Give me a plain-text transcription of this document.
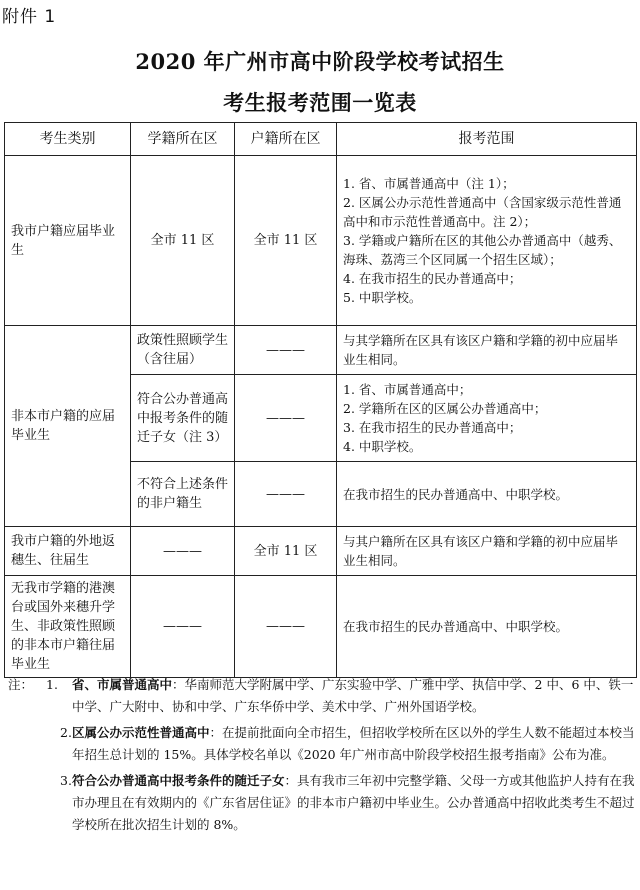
附件 1
2020 年广州市高中阶段学校考试招生
考生报考范围一览表
考生类别	学籍所在区	户籍所在区	报考范围
我市户籍应届毕业生	全市 11 区	全市 11 区	1. 省、市属普通高中（注 1）；
2. 区属公办示范性普通高中（含国家级示范性普通高中和市示范性普通高中。注 2）；
3. 学籍或户籍所在区的其他公办普通高中（越秀、海珠、荔湾三个区同属一个招生区域）；
4. 在我市招生的民办普通高中；
5. 中职学校。

非本市户籍的应届毕业生	政策性照顾学生（含往届）	———	与其学籍所在区具有该区户籍和学籍的初中应届毕业生相同。

	符合公办普通高中报考条件的随迁子女（注 3）	———	1. 省、市属普通高中；
2. 学籍所在区的区属公办普通高中；
3. 在我市招生的民办普通高中；
4. 中职学校。

	不符合上述条件的非户籍生	———	在我市招生的民办普通高中、中职学校。

我市户籍的外地返穗生、往届生	———	全市 11 区	与其户籍所在区具有该区户籍和学籍的初中应届毕业生相同。

无我市学籍的港澳台或国外来穗升学生、非政策性照顾的非本市户籍往届毕业生	———	———	在我市招生的民办普通高中、中职学校。
注： 1. 省、市属普通高中：华南师范大学附属中学、广东实验中学、广雅中学、执信中学、2 中、6 中、铁一中学、广大附中、协和中学、广东华侨中学、美术中学、广州外国语学校。
2. 区属公办示范性普通高中：在提前批面向全市招生，但招收学校所在区以外的学生人数不能超过本校当年招生总计划的 15%。具体学校名单以《2020 年广州市高中阶段学校招生报考指南》公布为准。
3. 符合公办普通高中报考条件的随迁子女：具有我市三年初中完整学籍、父母一方或其他监护人持有在我市办理且在有效期内的《广东省居住证》的非本市户籍初中毕业生。公办普通高中招收此类考生不超过学校所在批次招生计划的 8%。
